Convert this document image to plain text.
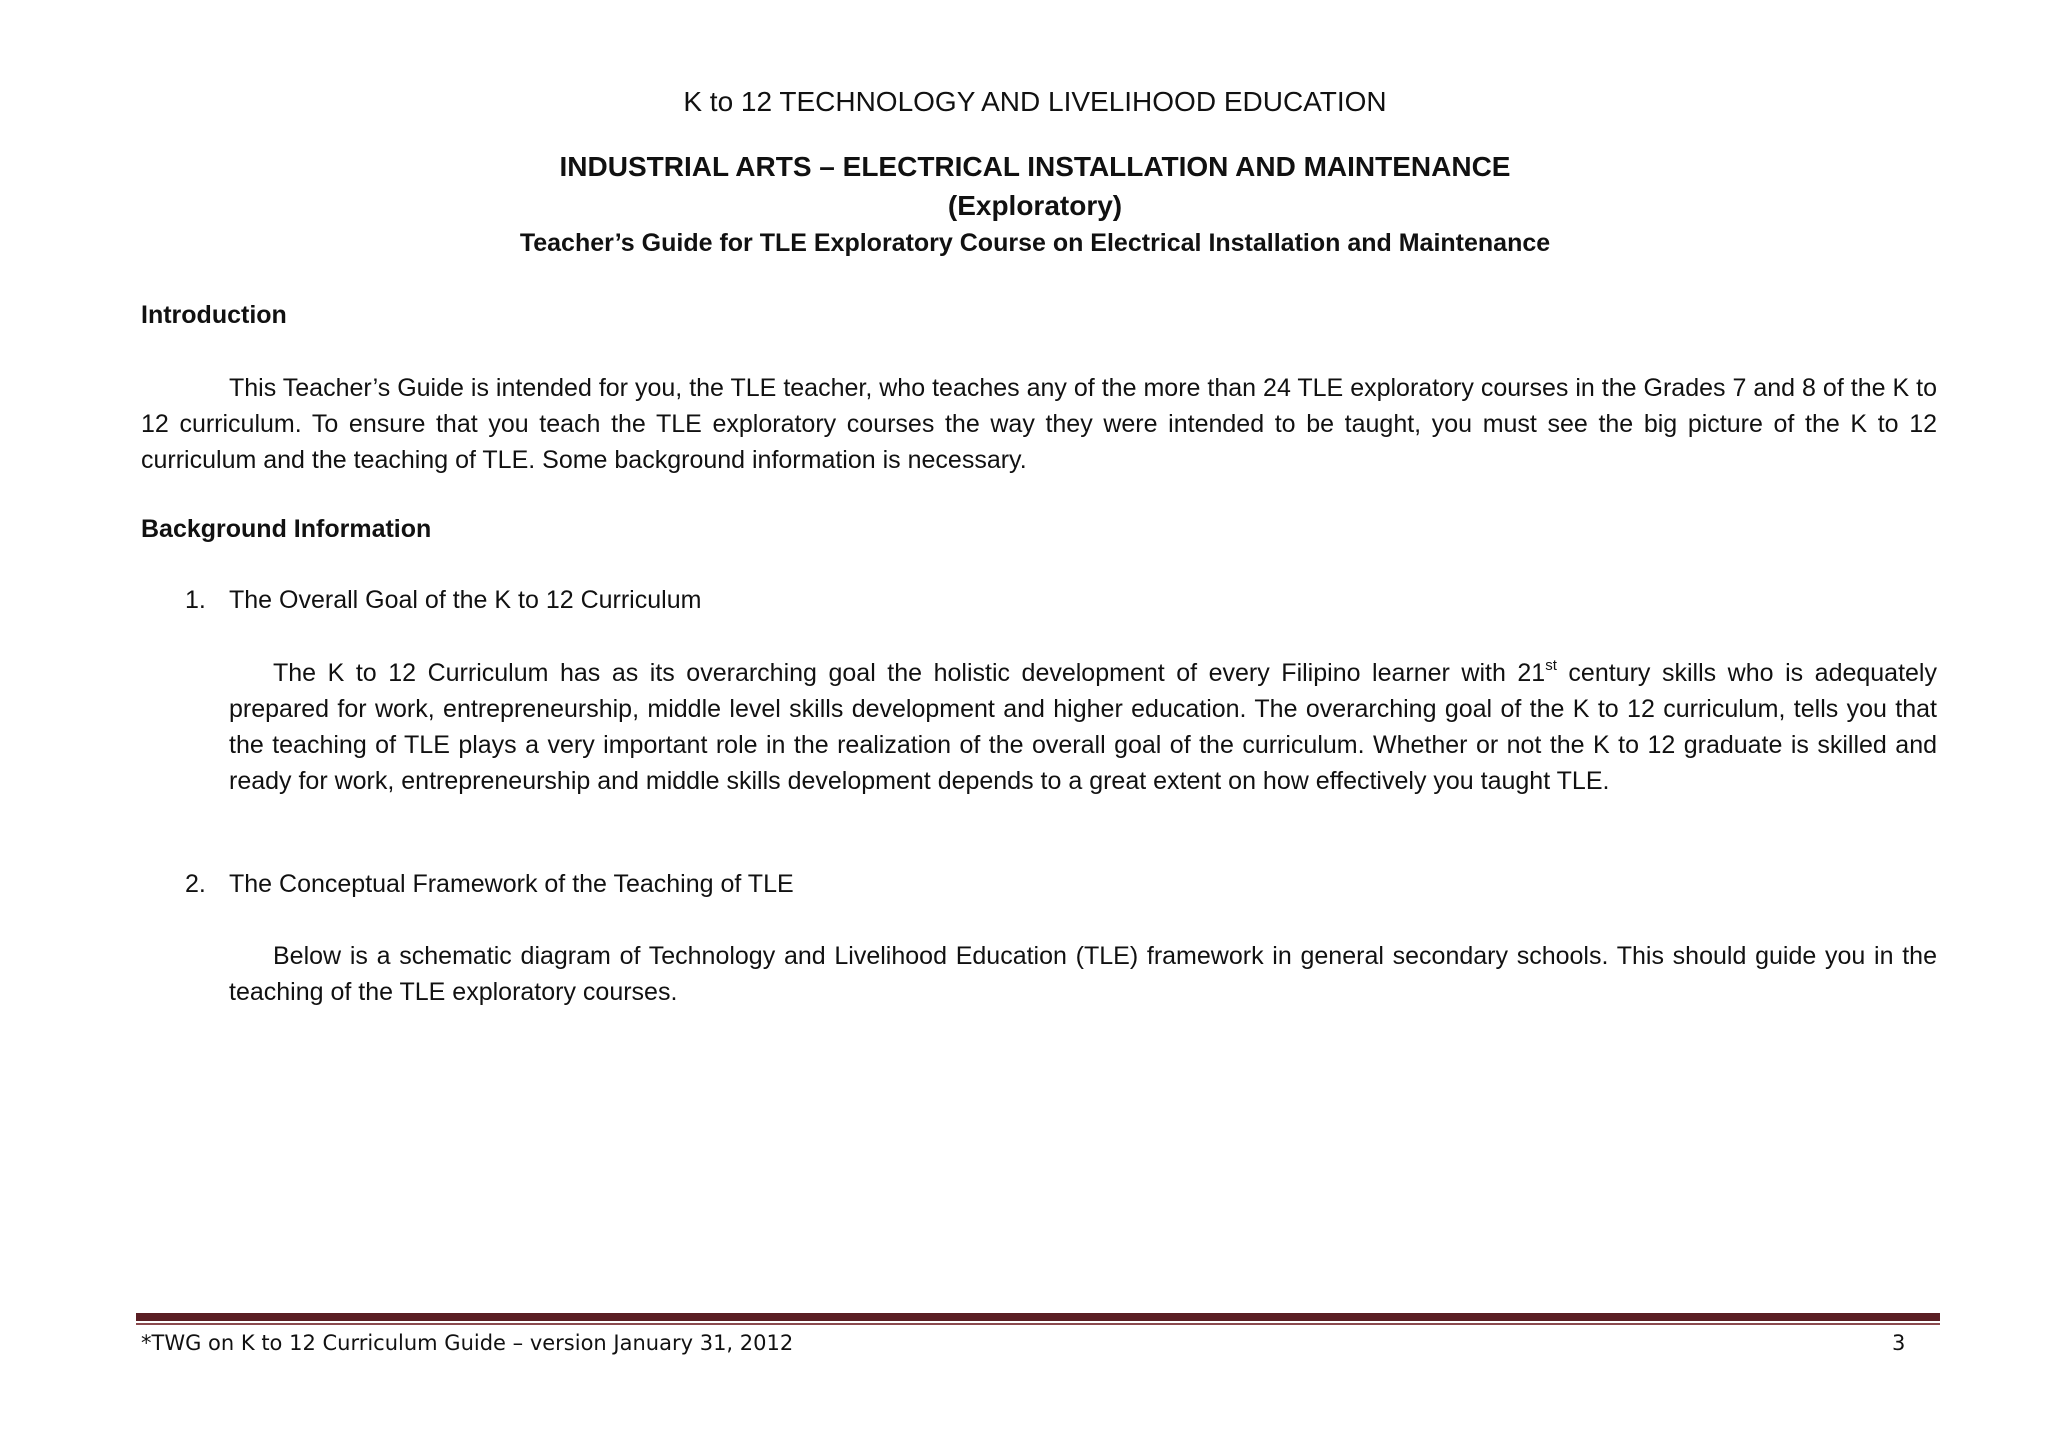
K to 12 TECHNOLOGY AND LIVELIHOOD EDUCATION
INDUSTRIAL ARTS – ELECTRICAL INSTALLATION AND MAINTENANCE
(Exploratory)
Teacher’s Guide for TLE Exploratory Course on Electrical Installation and Maintenance
Introduction
This Teacher’s Guide is intended for you, the TLE teacher, who teaches any of the more than 24 TLE exploratory courses in the Grades 7 and 8 of the K to 12 curriculum. To ensure that you teach the TLE exploratory courses the way they were intended to be taught, you must see the big picture of the K to 12 curriculum and the teaching of TLE. Some background information is necessary.
Background Information
1. The Overall Goal of the K to 12 Curriculum
The K to 12 Curriculum has as its overarching goal the holistic development of every Filipino learner with 21st century skills who is adequately prepared for work, entrepreneurship, middle level skills development and higher education. The overarching goal of the K to 12 curriculum, tells you that the teaching of TLE plays a very important role in the realization of the overall goal of the curriculum. Whether or not the K to 12 graduate is skilled and ready for work, entrepreneurship and middle skills development depends to a great extent on how effectively you taught TLE.
2. The Conceptual Framework of the Teaching of TLE
Below is a schematic diagram of Technology and Livelihood Education (TLE) framework in general secondary schools. This should guide you in the teaching of the TLE exploratory courses.
*TWG on K to 12 Curriculum Guide – version January 31, 2012	3
